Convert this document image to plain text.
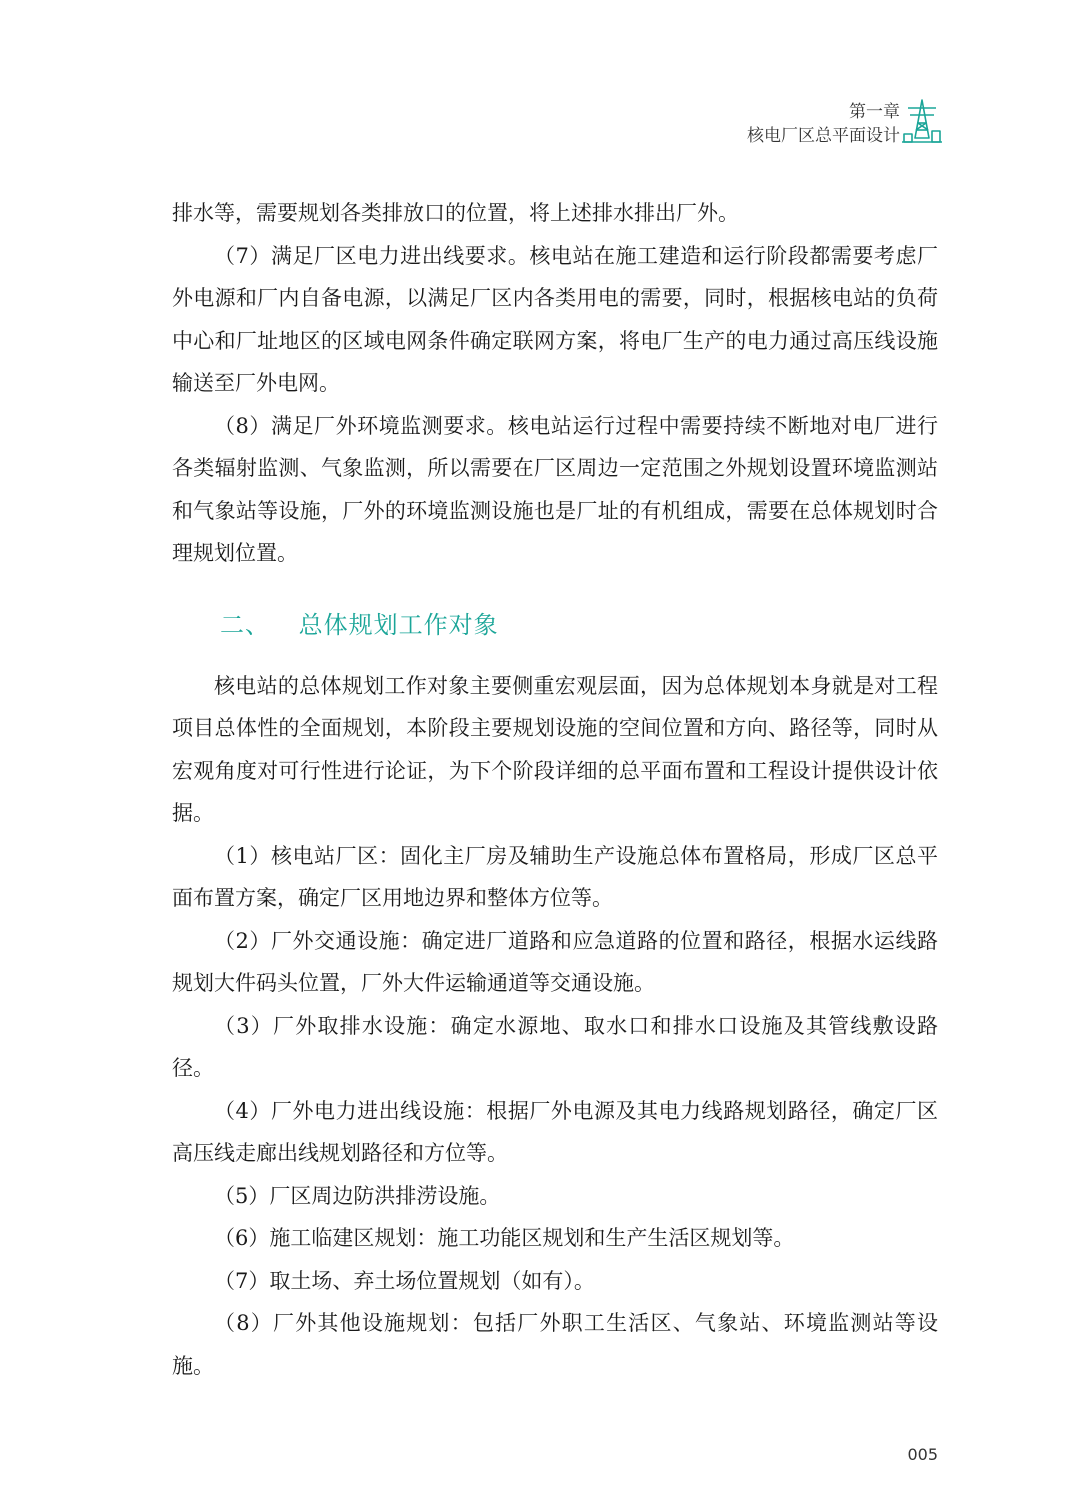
第一章
核电厂区总平面设计

排水等，需要规划各类排放口的位置，将上述排水排出厂外。

（7）满足厂区电力进出线要求。核电站在施工建造和运行阶段都需要考虑厂外电源和厂内自备电源，以满足厂区内各类用电的需要，同时，根据核电站的负荷中心和厂址地区的区域电网条件确定联网方案，将电厂生产的电力通过高压线设施输送至厂外电网。

（8）满足厂外环境监测要求。核电站运行过程中需要持续不断地对电厂进行各类辐射监测、气象监测，所以需要在厂区周边一定范围之外规划设置环境监测站和气象站等设施，厂外的环境监测设施也是厂址的有机组成，需要在总体规划时合理规划位置。

二、 总体规划工作对象

核电站的总体规划工作对象主要侧重宏观层面，因为总体规划本身就是对工程项目总体性的全面规划，本阶段主要规划设施的空间位置和方向、路径等，同时从宏观角度对可行性进行论证，为下个阶段详细的总平面布置和工程设计提供设计依据。

（1）核电站厂区：固化主厂房及辅助生产设施总体布置格局，形成厂区总平面布置方案，确定厂区用地边界和整体方位等。

（2）厂外交通设施：确定进厂道路和应急道路的位置和路径，根据水运线路规划大件码头位置，厂外大件运输通道等交通设施。

（3）厂外取排水设施：确定水源地、取水口和排水口设施及其管线敷设路径。

（4）厂外电力进出线设施：根据厂外电源及其电力线路规划路径，确定厂区高压线走廊出线规划路径和方位等。

（5）厂区周边防洪排涝设施。

（6）施工临建区规划：施工功能区规划和生产生活区规划等。

（7）取土场、弃土场位置规划（如有）。

（8）厂外其他设施规划：包括厂外职工生活区、气象站、环境监测站等设施。

005
